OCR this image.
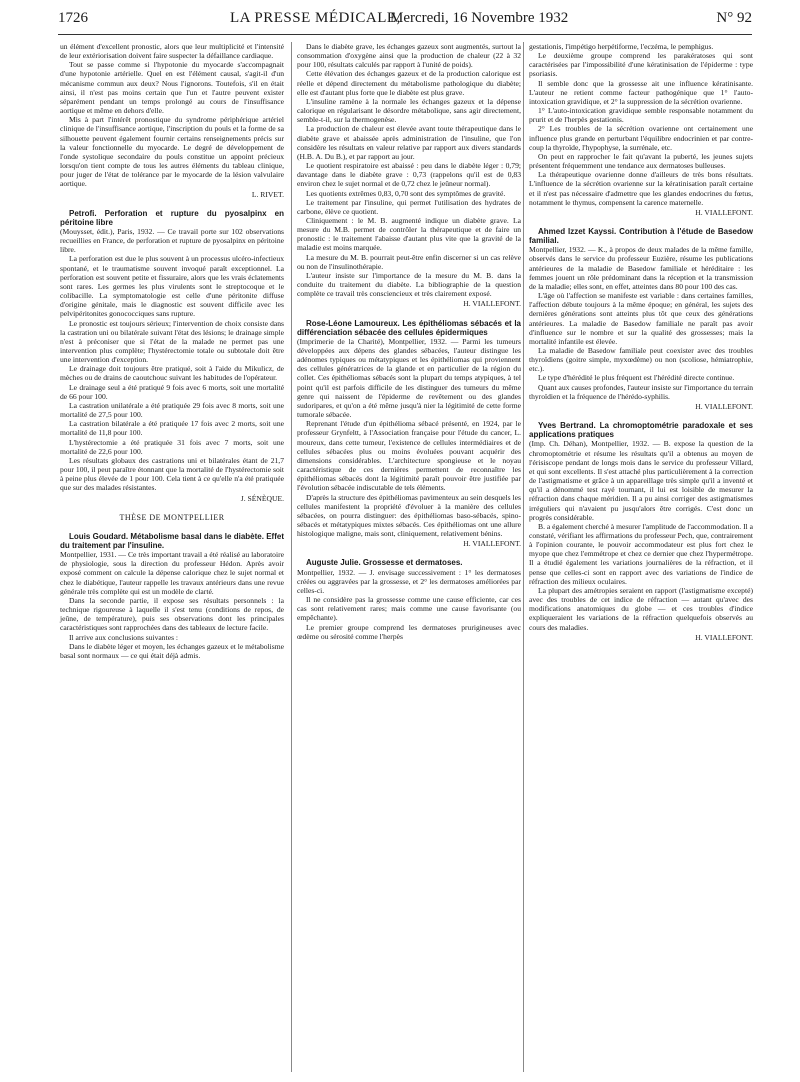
1726	LA PRESSE MÉDICALE,
Mercredi, 16 Novembre 1932	N° 92

un élément d'excellent pronostic, alors que leur multiplicité et l'intensité de leur extériorisation doivent faire suspecter la défaillance cardiaque.

Tout se passe comme si l'hypotonie du myocarde s'accompagnait d'une hypotonie artérielle. Quel en est l'élément causal, s'agit-il d'un mécanisme commun aux deux? Nous l'ignorons. Toutefois, s'il en était ainsi, il n'est pas moins certain que l'un et l'autre peuvent exister séparément pendant un temps prolongé au cours de l'insuffisance aortique et même en dehors d'elle.

Mis à part l'intérêt pronostique du syndrome périphérique artériel clinique de l'insuffisance aortique, l'inscription du pouls et la forme de sa silhouette peuvent également fournir certains renseignements précis sur la valeur fonctionnelle du myocarde. Le degré de développement de l'onde systolique secondaire du pouls constitue un appoint précieux lorsqu'on tient compte de tous les autres éléments du tableau clinique, pour juger de l'état de tolérance par le myocarde de la lésion valvulaire aortique.

L. RIVET.

Petrofi. Perforation et rupture du pyosalpinx en péritoine libre

(Mouysset, édit.), Paris, 1932. — Ce travail porte sur 102 observations recueillies en France, de perforation et rupture de pyosalpinx en péritoine libre.

La perforation est due le plus souvent à un processus ulcéro-infectieux spontané, et le traumatisme souvent invoqué paraît exceptionnel. La perforation est souvent petite et fissuraire, alors que les vrais éclatements sont rares. Les germes les plus virulents sont le streptocoque et le colibacille. La symptomatologie est celle d'une péritonite diffuse d'origine génitale, mais le diagnostic est souvent difficile avec les pelvipéritonites gonococciques sans rupture.

Le pronostic est toujours sérieux; l'intervention de choix consiste dans la castration uni ou bilatérale suivant l'état des lésions; le drainage simple n'est à préconiser que si l'état de la malade ne permet pas une intervention plus complète; l'hystérectomie totale ou subtotale doit être une intervention d'exception.

Le drainage doit toujours être pratiqué, soit à l'aide du Mikulicz, de mèches ou de drains de caoutchouc suivant les habitudes de l'opérateur.

Le drainage seul a été pratiqué 9 fois avec 6 morts, soit une mortalité de 66 pour 100.

La castration unilatérale a été pratiquée 29 fois avec 8 morts, soit une mortalité de 27,5 pour 100.

La castration bilatérale a été pratiquée 17 fois avec 2 morts, soit une mortalité de 11,8 pour 100.

L'hystérectomie a été pratiquée 31 fois avec 7 morts, soit une mortalité de 22,6 pour 100.

Les résultats globaux des castrations uni et bilatérales étant de 21,7 pour 100, il peut paraître étonnant que la mortalité de l'hystérectomie soit à peine plus élevée de 1 pour 100. Cela tient à ce qu'elle n'a été pratiquée que sur des malades résistantes.

J. SÉNÈQUE.

THÈSE DE MONTPELLIER

Louis Goudard. Métabolisme basal dans le diabète. Effet du traitement par l'insuline.

Montpellier, 1931. — Ce très important travail a été réalisé au laboratoire de physiologie, sous la direction du professeur Hédon. Après avoir exposé comment on calcule la dépense calorique chez le sujet normal et chez le diabétique, l'auteur rappelle les travaux antérieurs dans une revue générale très complète qui est un modèle de clarté.

Dans la seconde partie, il expose ses résultats personnels : la technique rigoureuse à laquelle il s'est tenu (conditions de repos, de jeûne, de température), puis ses observations dont les principales caractéristiques sont rapprochées dans des tableaux de lecture facile.

Il arrive aux conclusions suivantes :

Dans le diabète léger et moyen, les échanges gazeux et le métabolisme basal sont normaux — ce qui était déjà admis.

Dans le diabète grave, les échanges gazeux sont augmentés, surtout la consommation d'oxygène ainsi que la production de chaleur (22 à 32 pour 100, résultats calculés par rapport à l'unité de poids).

Cette élévation des échanges gazeux et de la production calorique est réelle et dépend directement du métabolisme pathologique du diabète; elle est d'autant plus forte que le diabète est plus grave.

L'insuline ramène à la normale les échanges gazeux et la dépense calorique en régularisant le désordre métabolique, sans agir directement, semble-t-il, sur la thermogenèse.

La production de chaleur est élevée avant toute thérapeutique dans le diabète grave et abaissée après administration de l'insuline, que l'on considère les résultats en valeur relative par rapport aux divers standards (H.B. A. Du B.), et par rapport au jour.

Le quotient respiratoire est abaissé : peu dans le diabète léger : 0,79; davantage dans le diabète grave : 0,73 (rappelons qu'il est de 0,83 environ chez le sujet normal et de 0,72 chez le jeûneur normal).

Les quotients extrêmes 0,83, 0,70 sont des symptômes de gravité.

Le traitement par l'insuline, qui permet l'utilisation des hydrates de carbone, élève ce quotient.

Cliniquement : le M. B. augmenté indique un diabète grave. La mesure du M.B. permet de contrôler la thérapeutique et de faire un pronostic : le traitement l'abaisse d'autant plus vite que la gravité de la maladie est moins marquée.

La mesure du M. B. pourrait peut-être enfin discerner si un cas relève ou non de l'insulinothérapie.

L'auteur insiste sur l'importance de la mesure du M. B. dans la conduite du traitement du diabète. La bibliographie de la question complète ce travail très consciencieux et très clairement exposé.

H. VIALLEFONT.

Rose-Léone Lamoureux. Les épithéliomas sébacés et la différenciation sébacée des cellules épidermiques

(Imprimerie de la Charité), Montpellier, 1932. — Parmi les tumeurs développées aux dépens des glandes sébacées, l'auteur distingue les adénomes typiques ou métatypiques et les épithéliomas qui proviennent des cellules génératrices de la glande et en particulier de la région du collet. Ces épithéliomas sébacés sont la plupart du temps atypiques, à tel point qu'il est parfois difficile de les distinguer des tumeurs du même genre qui naissent de l'épiderme de revêtement ou des glandes sudoripares, et qu'on a été même jusqu'à nier la légitimité de cette forme tumorale sébacée.

Reprenant l'étude d'un épithélioma sébacé présenté, en 1924, par le professeur Grynfeltt, à l'Association française pour l'étude du cancer, L. moureux, dans cette tumeur, l'existence de cellules intermédiaires et de cellules sébacées plus ou moins évoluées pouvant acquérir des dimensions considérables. L'architecture spongieuse et le noyau caractéristique de ces dernières permettent de reconnaître les épithéliomas sébacés dont la légitimité paraît pouvoir être justifiée par l'évolution sébacée indiscutable de tels éléments.

D'après la structure des épithéliomas pavimenteux au sein desquels les cellules manifestent la propriété d'évoluer à la manière des cellules sébacées, on pourra distinguer: des épithéliomas baso-sébacés, spino-sébacés et métatypiques mixtes sébacés. Ces épithéliomas ont une allure histologique maligne, mais sont, cliniquement, relativement bénins.

H. VIALLEFONT.

Auguste Julie. Grossesse et dermatoses.

Montpellier, 1932. — J. envisage successivement : 1° les dermatoses créées ou aggravées par la grossesse, et 2° les dermatoses améliorées par celles-ci.

Il ne considère pas la grossesse comme une cause efficiente, car ces cas sont relativement rares; mais comme une cause favorisante (ou empêchante).

Le premier groupe comprend les dermatoses prurigineuses avec œdème ou sérosité comme l'herpès

gestationis, l'impétigo herpétiforme, l'eczéma, le pemphigus.

Le deuxième groupe comprend les parakératoses qui sont caractérisées par l'impossibilité d'une kératinisation de l'épiderme : type psoriasis.

Il semble donc que la grossesse ait une influence kératinisante. L'auteur ne retient comme facteur pathogénique que 1° l'auto-intoxication gravidique, et 2° la suppression de la sécrétion ovarienne.

1° L'auto-intoxication gravidique semble responsable notamment du prurit et de l'herpès gestationis.

2° Les troubles de la sécrétion ovarienne ont certainement une influence plus grande en perturbant l'équilibre endocrinien et par contre-coup la thyroïde, l'hypophyse, la surrénale, etc.

On peut en rapprocher le fait qu'avant la puberté, les jeunes sujets présentent fréquemment une tendance aux dermatoses bulleuses.

La thérapeutique ovarienne donne d'ailleurs de très bons résultats. L'influence de la sécrétion ovarienne sur la kératinisation paraît certaine et il n'est pas nécessaire d'admettre que les glandes endocrines du fœtus, notamment le thymus, compensent la carence maternelle.

H. VIALLEFONT.

Ahmed Izzet Kayssi. Contribution à l'étude de Basedow familial.

Montpellier, 1932. — K., à propos de deux malades de la même famille, observés dans le service du professeur Euzière, résume les publications antérieures de la maladie de Basedow familiale et héréditaire : les femmes jouent un rôle prédominant dans la réception et la transmission de la maladie; elles sont, en effet, atteintes dans 80 pour 100 des cas.

L'âge où l'affection se manifeste est variable : dans certaines familles, l'affection débute toujours à la même époque; en général, les sujets des dernières générations sont atteints plus tôt que ceux des générations antérieures. La maladie de Basedow familiale ne paraît pas avoir d'influence sur le nombre et sur la qualité des grossesses; mais la mortalité infantile est élevée.

La maladie de Basedow familiale peut coexister avec des troubles thyroïdiens (goitre simple, myxœdème) ou non (scoliose, hémiatrophie, etc.).

Le type d'hérédité le plus fréquent est l'hérédité directe continue.

Quant aux causes profondes, l'auteur insiste sur l'importance du terrain thyroïdien et la fréquence de l'hérédo-syphilis.

H. VIALLEFONT.

Yves Bertrand. La chromoptométrie paradoxale et ses applications pratiques

(Imp. Ch. Déhan), Montpellier, 1932. — B. expose la question de la chromoptométrie et résume les résultats qu'il a obtenus au moyen de l'érisiscope pendant de longs mois dans le service du professeur Villard, et qui sont excellents. Il s'est attaché plus particulièrement à la correction de l'astigmatisme et grâce à un appareillage très simple qu'il a inventé et qu'il a dénommé test rayé tournant, il lui est loisible de mesurer la réfraction dans chaque méridien. Il a pu ainsi corriger des astigmatismes irréguliers qui n'avaient pu jusqu'alors être corrigés. C'est donc un progrès considérable.

B. a également cherché à mesurer l'amplitude de l'accommodation. Il a constaté, vérifiant les affirmations du professeur Pech, que, contrairement à l'opinion courante, le pouvoir accommodateur est plus fort chez le myope que chez l'emmétrope et chez ce dernier que chez l'hypermétrope. Il a étudié également les variations journalières de la réfraction, et il pense que celles-ci sont en rapport avec des variations de l'indice de réfraction des milieux oculaires.

La plupart des amétropies seraient en rapport (l'astigmatisme excepté) avec des troubles de cet indice de réfraction — autant qu'avec des modifications anatomiques du globe — et ces troubles d'indice expliqueraient les variations de la réfraction quelquefois observés au cours des maladies.

H. VIALLEFONT.
